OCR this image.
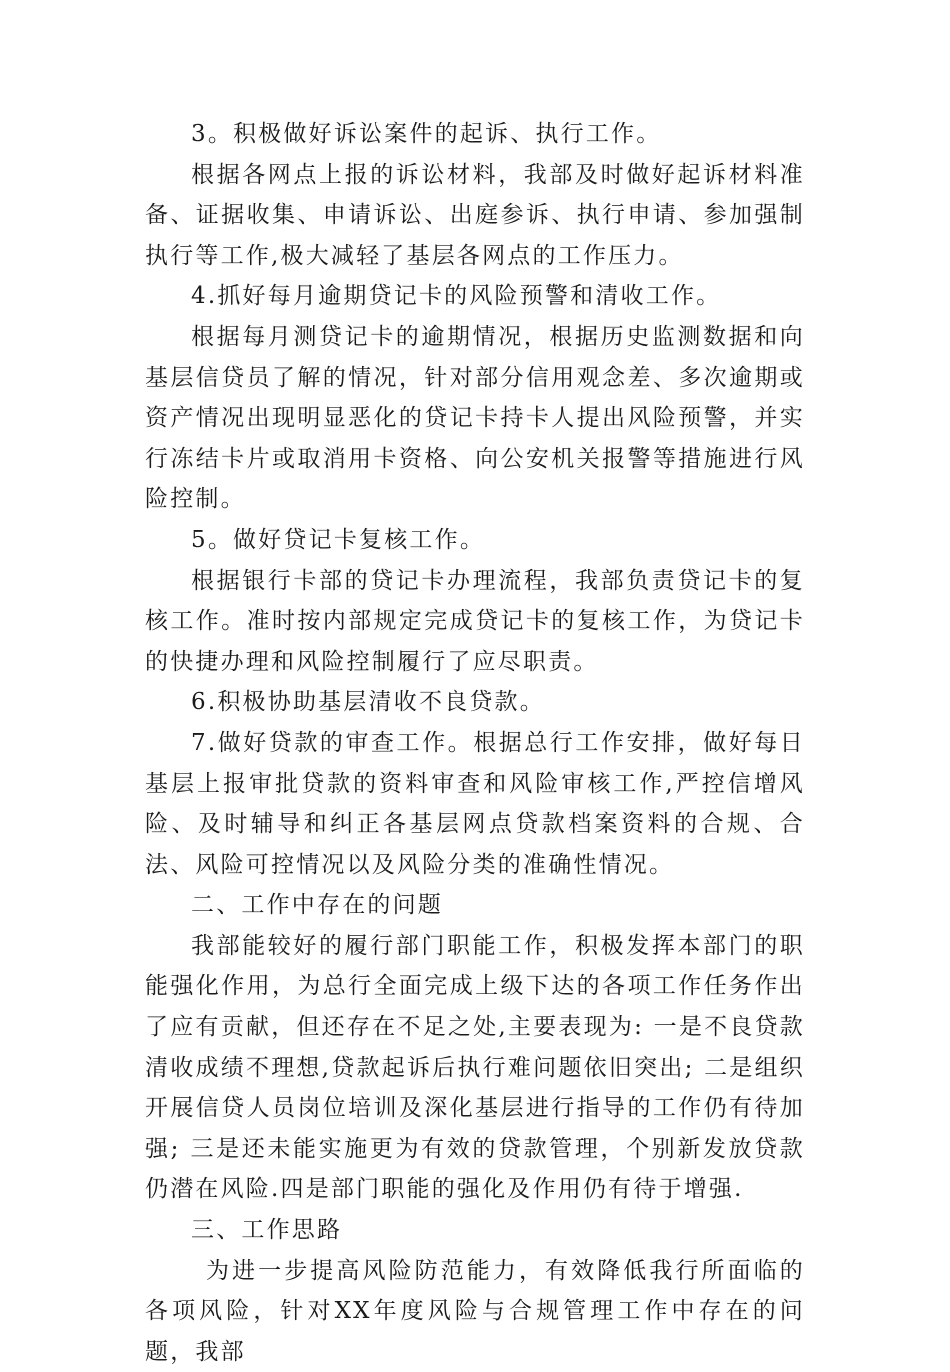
3。积极做好诉讼案件的起诉、执行工作。

根据各网点上报的诉讼材料，我部及时做好起诉材料准备、证据收集、申请诉讼、出庭参诉、执行申请、参加强制执行等工作,极大减轻了基层各网点的工作压力。

4.抓好每月逾期贷记卡的风险预警和清收工作。

根据每月测贷记卡的逾期情况，根据历史监测数据和向基层信贷员了解的情况，针对部分信用观念差、多次逾期或资产情况出现明显恶化的贷记卡持卡人提出风险预警，并实行冻结卡片或取消用卡资格、向公安机关报警等措施进行风险控制。

5。做好贷记卡复核工作。

根据银行卡部的贷记卡办理流程，我部负责贷记卡的复核工作。准时按内部规定完成贷记卡的复核工作，为贷记卡的快捷办理和风险控制履行了应尽职责。

6.积极协助基层清收不良贷款。

7.做好贷款的审查工作。根据总行工作安排，做好每日基层上报审批贷款的资料审查和风险审核工作,严控信增风险、及时辅导和纠正各基层网点贷款档案资料的合规、合法、风险可控情况以及风险分类的准确性情况。

二、工作中存在的问题

我部能较好的履行部门职能工作，积极发挥本部门的职能强化作用，为总行全面完成上级下达的各项工作任务作出了应有贡献，但还存在不足之处,主要表现为: 一是不良贷款清收成绩不理想,贷款起诉后执行难问题依旧突出; 二是组织开展信贷人员岗位培训及深化基层进行指导的工作仍有待加强; 三是还未能实施更为有效的贷款管理，个别新发放贷款仍潜在风险.四是部门职能的强化及作用仍有待于增强.

三、工作思路

为进一步提高风险防范能力，有效降低我行所面临的各项风险，针对XX年度风险与合规管理工作中存在的问题，我部
